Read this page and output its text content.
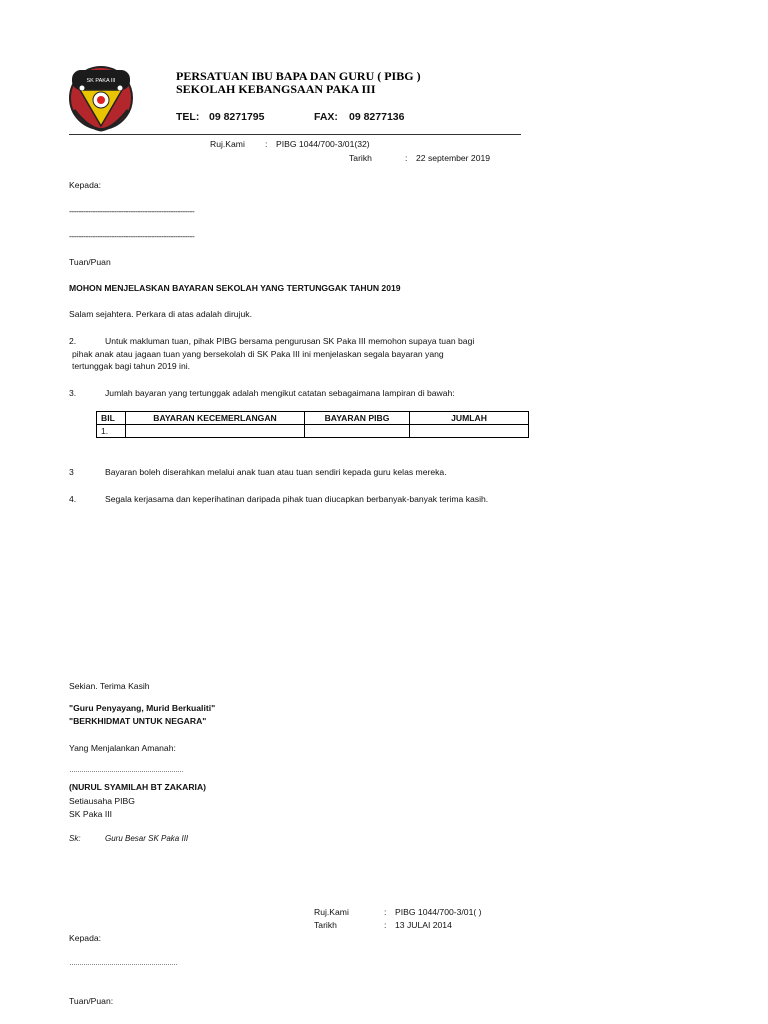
SK PAKA III	PERSATUAN IBU BAPA DAN GURU ( PIBG )
SEKOLAH KEBANGSAAN PAKA III
TEL: 09 8271795	FAX: 09 8277136
Ruj.Kami : PIBG 1044/700-3/01(32)
Tarikh	: 22 september 2019
Kepada:
-----------------------------------------------------
-----------------------------------------------------
Tuan/Puan
MOHON MENJELASKAN BAYARAN SEKOLAH YANG TERTUNGGAK TAHUN 2019
Salam sejahtera. Perkara di atas adalah dirujuk.
2.	Untuk makluman tuan, pihak PIBG bersama pengurusan SK Paka III memohon supaya tuan bagi
pihak anak atau jagaan tuan yang bersekolah di SK Paka III ini menjelaskan segala bayaran yang
tertunggak bagi tahun 2019 ini.
3.	Jumlah bayaran yang tertunggak adalah mengikut catatan sebagaimana lampiran di bawah:
BIL	BAYARAN KECEMERLANGAN	BAYARAN PIBG	JUMLAH
1.			
3	Bayaran boleh diserahkan melalui anak tuan atau tuan sendiri kepada guru kelas mereka.
4.	Segala kerjasama dan keperihatinan daripada pihak tuan diucapkan berbanyak-banyak terima kasih.
Sekian. Terima Kasih
"Guru Penyayang, Murid Berkualiti"
"BERKHIDMAT UNTUK NEGARA"
Yang Menjalankan Amanah:
…………………………………………………
(NURUL SYAMILAH BT ZAKARIA)
Setiausaha PIBG
SK Paka III
Sk:	Guru Besar SK Paka III
Ruj.Kami	: PIBG 1044/700-3/01( )
Tarikh	: 13 JULAI 2014
Kepada:
………………………………………………
Tuan/Puan:
